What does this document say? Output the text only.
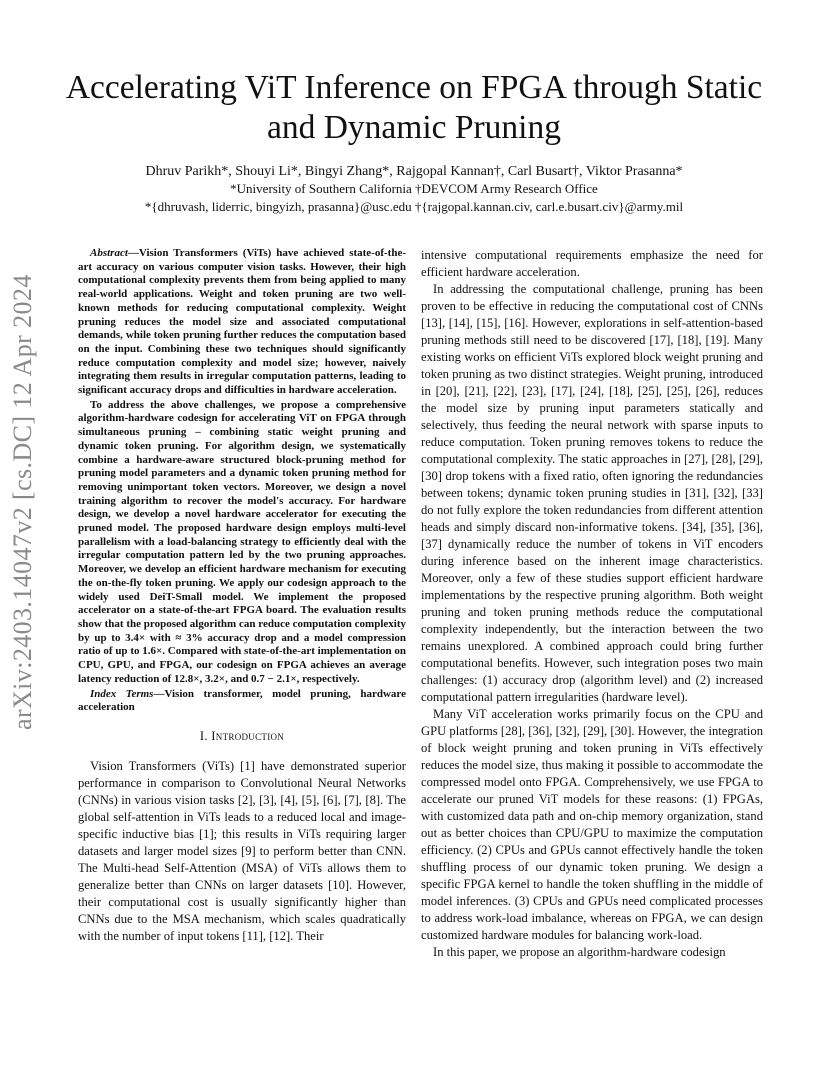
arXiv:2403.14047v2 [cs.DC] 12 Apr 2024
Accelerating ViT Inference on FPGA through Static
and Dynamic Pruning
Dhruv Parikh*, Shouyi Li*, Bingyi Zhang*, Rajgopal Kannan†, Carl Busart†, Viktor Prasanna*
*University of Southern California †DEVCOM Army Research Office
*{dhruvash, liderric, bingyizh, prasanna}@usc.edu †{rajgopal.kannan.civ, carl.e.busart.civ}@army.mil

Abstract—Vision Transformers (ViTs) have achieved state-of-the-art accuracy on various computer vision tasks. However, their high computational complexity prevents them from being applied to many real-world applications. Weight and token pruning are two well-known methods for reducing computational complexity. Weight pruning reduces the model size and associated computational demands, while token pruning further reduces the computation based on the input. Combining these two techniques should significantly reduce computation complexity and model size; however, naively integrating them results in irregular computation patterns, leading to significant accuracy drops and difficulties in hardware acceleration.

To address the above challenges, we propose a comprehensive algorithm-hardware codesign for accelerating ViT on FPGA through simultaneous pruning – combining static weight pruning and dynamic token pruning. For algorithm design, we systematically combine a hardware-aware structured block-pruning method for pruning model parameters and a dynamic token pruning method for removing unimportant token vectors. Moreover, we design a novel training algorithm to recover the model's accuracy. For hardware design, we develop a novel hardware accelerator for executing the pruned model. The proposed hardware design employs multi-level parallelism with a load-balancing strategy to efficiently deal with the irregular computation pattern led by the two pruning approaches. Moreover, we develop an efficient hardware mechanism for executing the on-the-fly token pruning. We apply our codesign approach to the widely used DeiT-Small model. We implement the proposed accelerator on a state-of-the-art FPGA board. The evaluation results show that the proposed algorithm can reduce computation complexity by up to 3.4× with ≈ 3% accuracy drop and a model compression ratio of up to 1.6×. Compared with state-of-the-art implementation on CPU, GPU, and FPGA, our codesign on FPGA achieves an average latency reduction of 12.8×, 3.2×, and 0.7 − 2.1×, respectively.

Index Terms—Vision transformer, model pruning, hardware acceleration

I. Introduction

Vision Transformers (ViTs) [1] have demonstrated superior performance in comparison to Convolutional Neural Networks (CNNs) in various vision tasks [2], [3], [4], [5], [6], [7], [8]. The global self-attention in ViTs leads to a reduced local and image-specific inductive bias [1]; this results in ViTs requiring larger datasets and larger model sizes [9] to perform better than CNN. The Multi-head Self-Attention (MSA) of ViTs allows them to generalize better than CNNs on larger datasets [10]. However, their computational cost is usually significantly higher than CNNs due to the MSA mechanism, which scales quadratically with the number of input tokens [11], [12]. Their

intensive computational requirements emphasize the need for efficient hardware acceleration.

In addressing the computational challenge, pruning has been proven to be effective in reducing the computational cost of CNNs [13], [14], [15], [16]. However, explorations in self-attention-based pruning methods still need to be discovered [17], [18], [19]. Many existing works on efficient ViTs explored block weight pruning and token pruning as two distinct strategies. Weight pruning, introduced in [20], [21], [22], [23], [17], [24], [18], [25], [25], [26], reduces the model size by pruning input parameters statically and selectively, thus feeding the neural network with sparse inputs to reduce computation. Token pruning removes tokens to reduce the computational complexity. The static approaches in [27], [28], [29], [30] drop tokens with a fixed ratio, often ignoring the redundancies between tokens; dynamic token pruning studies in [31], [32], [33] do not fully explore the token redundancies from different attention heads and simply discard non-informative tokens. [34], [35], [36], [37] dynamically reduce the number of tokens in ViT encoders during inference based on the inherent image characteristics. Moreover, only a few of these studies support efficient hardware implementations by the respective pruning algorithm. Both weight pruning and token pruning methods reduce the computational complexity independently, but the interaction between the two remains unexplored. A combined approach could bring further computational benefits. However, such integration poses two main challenges: (1) accuracy drop (algorithm level) and (2) increased computational pattern irregularities (hardware level).

Many ViT acceleration works primarily focus on the CPU and GPU platforms [28], [36], [32], [29], [30]. However, the integration of block weight pruning and token pruning in ViTs effectively reduces the model size, thus making it possible to accommodate the compressed model onto FPGA. Comprehensively, we use FPGA to accelerate our pruned ViT models for these reasons: (1) FPGAs, with customized data path and on-chip memory organization, stand out as better choices than CPU/GPU to maximize the computation efficiency. (2) CPUs and GPUs cannot effectively handle the token shuffling process of our dynamic token pruning. We design a specific FPGA kernel to handle the token shuffling in the middle of model inferences. (3) CPUs and GPUs need complicated processes to address work-load imbalance, whereas on FPGA, we can design customized hardware modules for balancing work-load.

In this paper, we propose an algorithm-hardware codesign
